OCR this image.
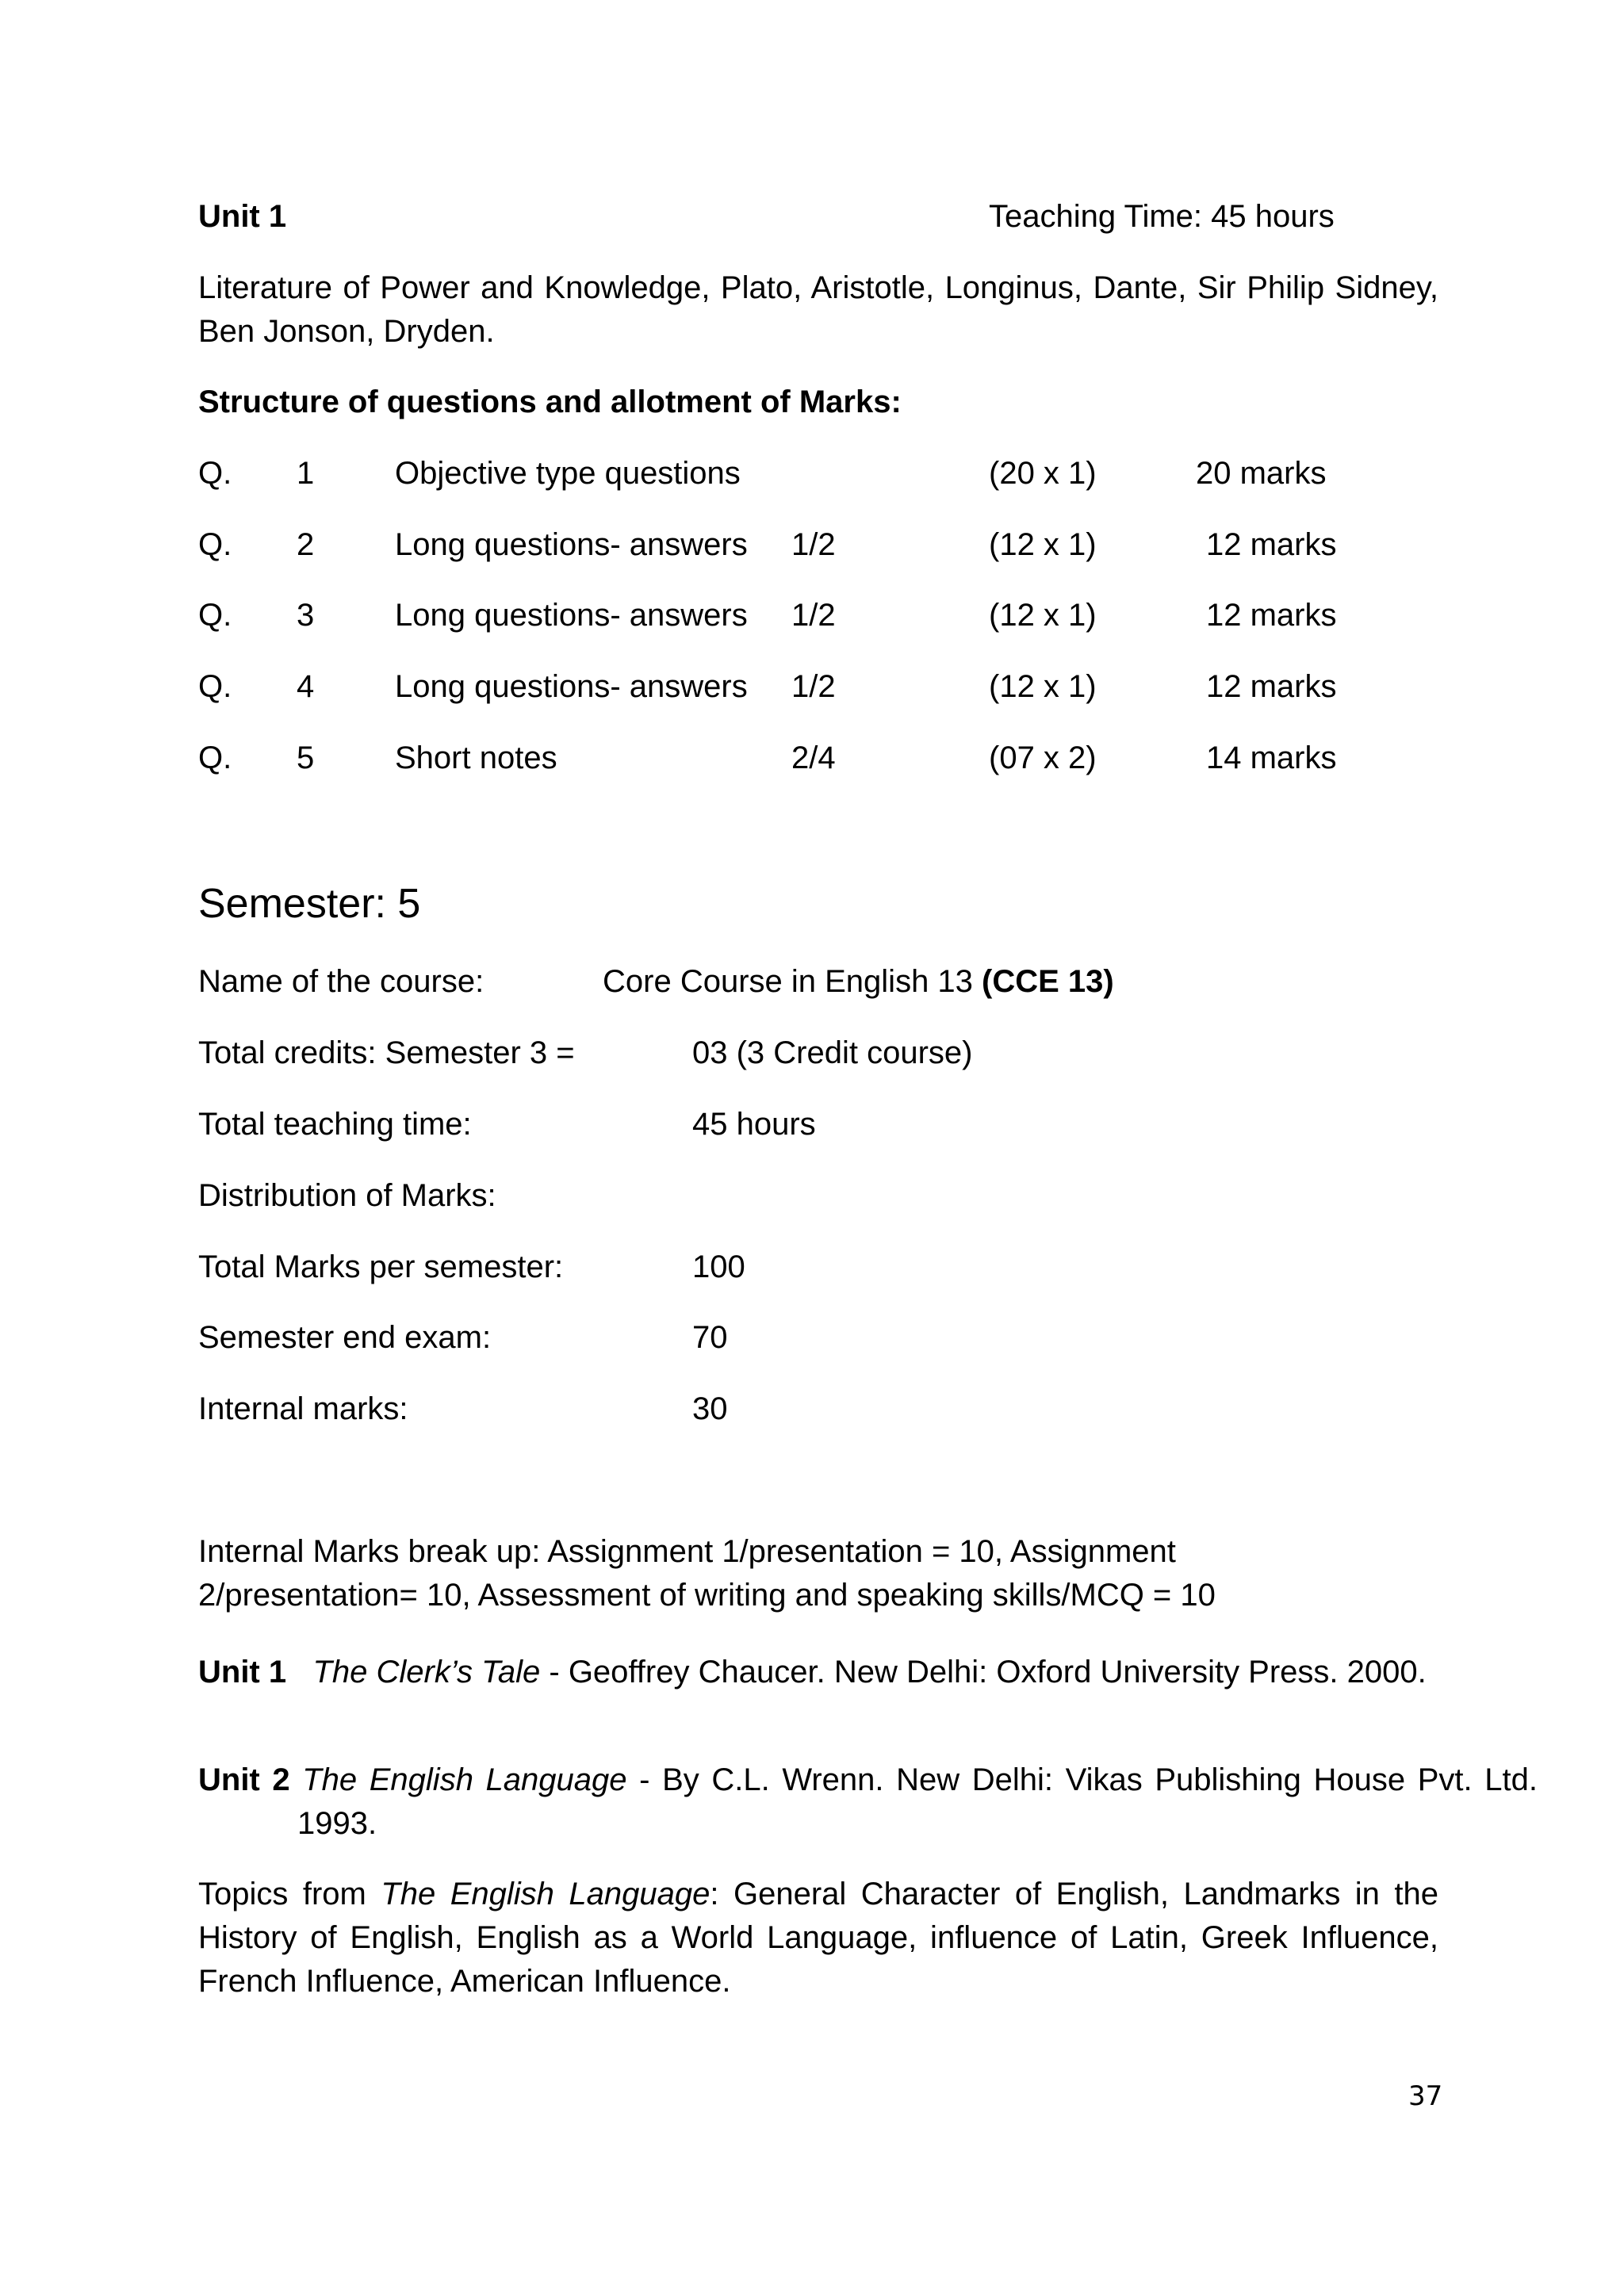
Unit 1	Teaching Time: 45 hours
Literature of Power and Knowledge, Plato, Aristotle, Longinus, Dante, Sir Philip Sidney, Ben Jonson, Dryden.
Structure of questions and allotment of Marks:
Q. 1	Objective type questions	(20 x 1)	20 marks
Q. 2	Long questions- answers 1/2	(12 x 1)	12 marks
Q. 3	Long questions- answers 1/2	(12 x 1)	12 marks
Q. 4	Long questions- answers 1/2	(12 x 1)	12 marks
Q. 5	Short notes	2/4	(07 x 2)	14 marks
Semester: 5
Name of the course:	Core Course in English 13 (CCE 13)
Total credits: Semester 3 =	03 (3 Credit course)
Total teaching time:	45 hours
Distribution of Marks:
Total Marks per semester:	100
Semester end exam:	70
Internal marks:	30
Internal Marks break up: Assignment 1/presentation = 10, Assignment 2/presentation= 10, Assessment of writing and speaking skills/MCQ = 10
Unit 1 The Clerk’s Tale - Geoffrey Chaucer. New Delhi: Oxford University Press. 2000.
Unit 2 The English Language - By C.L. Wrenn. New Delhi: Vikas Publishing House Pvt. Ltd. 1993.
Topics from The English Language: General Character of English, Landmarks in the History of English, English as a World Language, influence of Latin, Greek Influence, French Influence, American Influence.
37
